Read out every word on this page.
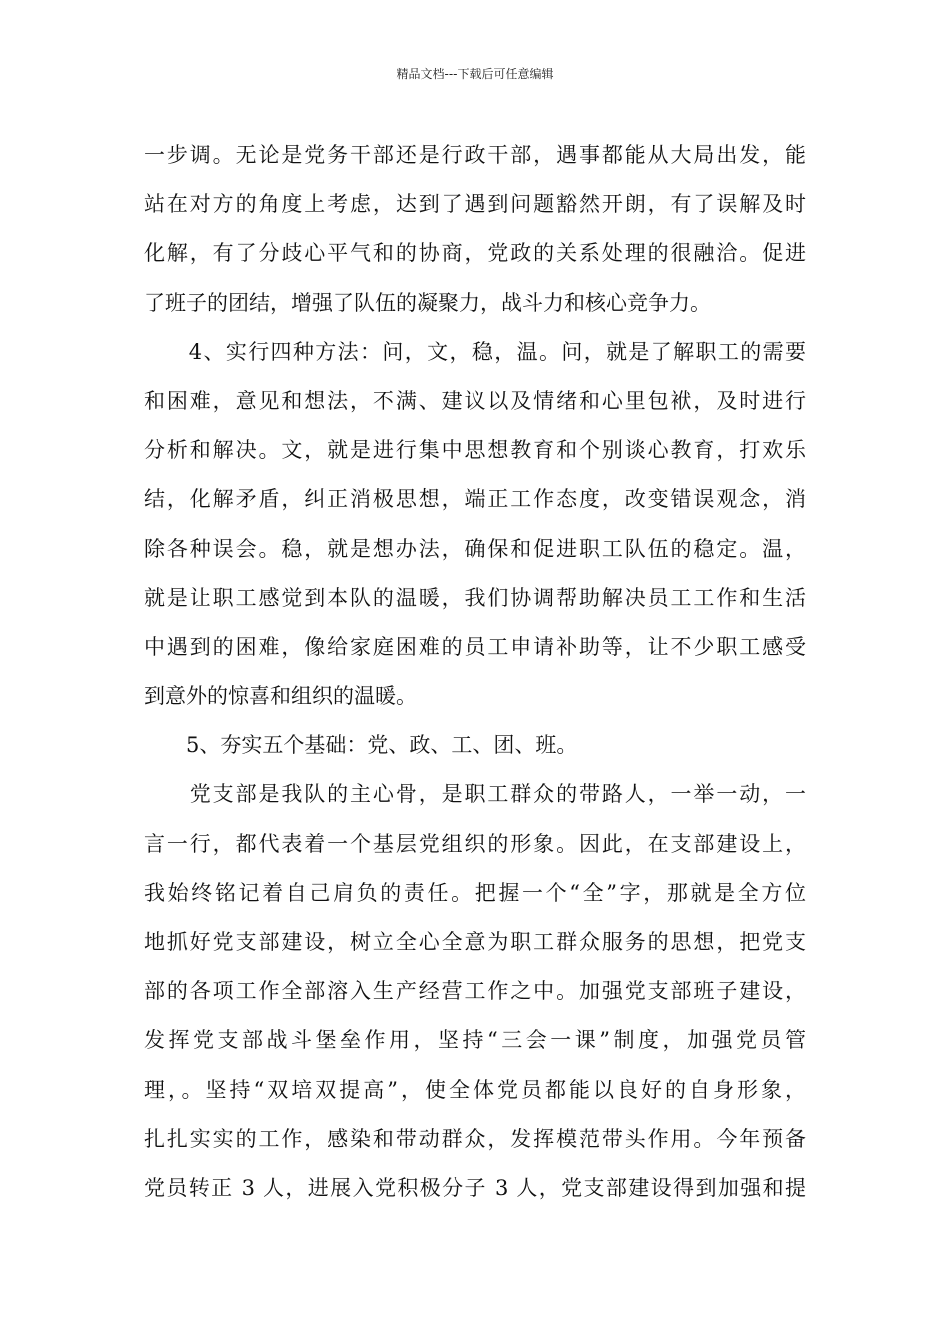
精品文档---下载后可任意编辑
一步调。无论是党务干部还是行政干部，遇事都能从大局出发，能
站在对方的角度上考虑，达到了遇到问题豁然开朗，有了误解及时
化解，有了分歧心平气和的协商，党政的关系处理的很融洽。促进
了班子的团结，增强了队伍的凝聚力，战斗力和核心竞争力。
　　4、实行四种方法：问，文，稳，温。问，就是了解职工的需要
和困难，意见和想法，不满、建议以及情绪和心里包袱，及时进行
分析和解决。文，就是进行集中思想教育和个别谈心教育，打欢乐
结，化解矛盾，纠正消极思想，端正工作态度，改变错误观念，消
除各种误会。稳，就是想办法，确保和促进职工队伍的稳定。温，
就是让职工感觉到本队的温暖，我们协调帮助解决员工工作和生活
中遇到的困难，像给家庭困难的员工申请补助等，让不少职工感受
到意外的惊喜和组织的温暖。
　　5、夯实五个基础：党、政、工、团、班。
　　党支部是我队的主心骨，是职工群众的带路人，一举一动，一
言一行，都代表着一个基层党组织的形象。因此，在支部建设上，
我始终铭记着自己肩负的责任。把握一个“全”字，那就是全方位
地抓好党支部建设，树立全心全意为职工群众服务的思想，把党支
部的各项工作全部溶入生产经营工作之中。加强党支部班子建设，
发挥党支部战斗堡垒作用，坚持“三会一课”制度，加强党员管
理，。坚持“双培双提高”，使全体党员都能以良好的自身形象，
扎扎实实的工作，感染和带动群众，发挥模范带头作用。今年预备
党员转正 3 人，进展入党积极分子 3 人，党支部建设得到加强和提
